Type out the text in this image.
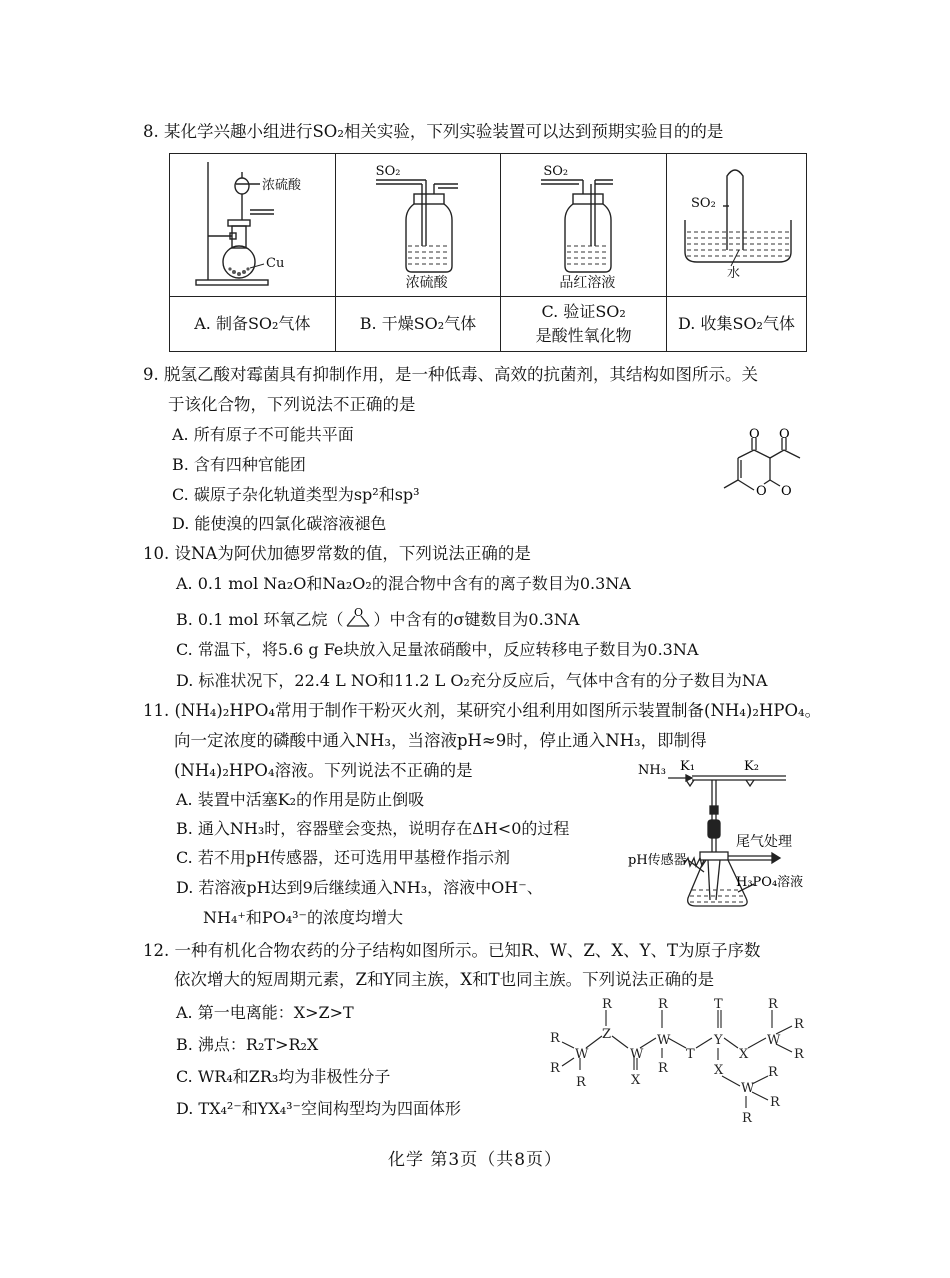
8. 某化学兴趣小组进行SO₂相关实验，下列实验装置可以达到预期实验目的的是
浓硫酸
Cu	SO₂
浓硫酸	SO₂
品红溶液	SO₂
水

A. 制备SO₂气体	B. 干燥SO₂气体	C. 验证SO₂
是酸性氧化物	D. 收集SO₂气体
9. 脱氢乙酸对霉菌具有抑制作用，是一种低毒、高效的抗菌剂，其结构如图所示。关
于该化合物，下列说法不正确的是
A. 所有原子不可能共平面
B. 含有四种官能团
C. 碳原子杂化轨道类型为sp²和sp³
D. 能使溴的四氯化碳溶液褪色
O O
O O
10. 设NA为阿伏加德罗常数的值，下列说法正确的是
A. 0.1 mol Na₂O和Na₂O₂的混合物中含有的离子数目为0.3NA
B. 0.1 mol 环氧乙烷（ O ）中含有的σ键数目为0.3NA
C. 常温下，将5.6 g Fe块放入足量浓硝酸中，反应转移电子数目为0.3NA
D. 标准状况下，22.4 L NO和11.2 L O₂充分反应后，气体中含有的分子数目为NA
11. (NH₄)₂HPO₄常用于制作干粉灭火剂，某研究小组利用如图所示装置制备(NH₄)₂HPO₄。
向一定浓度的磷酸中通入NH₃，当溶液pH≈9时，停止通入NH₃，即制得
(NH₄)₂HPO₄溶液。下列说法不正确的是
A. 装置中活塞K₂的作用是防止倒吸
B. 通入NH₃时，容器壁会变热，说明存在ΔH<0的过程
C. 若不用pH传感器，还可选用甲基橙作指示剂
D. 若溶液pH达到9后继续通入NH₃，溶液中OH⁻、
NH₄⁺和PO₄³⁻的浓度均增大
NH₃ K₁	K₂
尾气处理
pH传感器
H₃PO₄溶液
12. 一种有机化合物农药的分子结构如图所示。已知R、W、Z、X、Y、T为原子序数
依次增大的短周期元素，Z和Y同主族，X和T也同主族。下列说法正确的是
A. 第一电离能：X>Z>T
B. 沸点：R₂T>R₂X
C. WR₄和ZR₃均为非极性分子
D. TX₄²⁻和YX₄³⁻空间构型均为四面体形
R
R
W
R
R
Z
W
X
R
W
R
T
T
Y
X
X
R
W
R
R
W
R
R
R
化学 第3页（共8页）
